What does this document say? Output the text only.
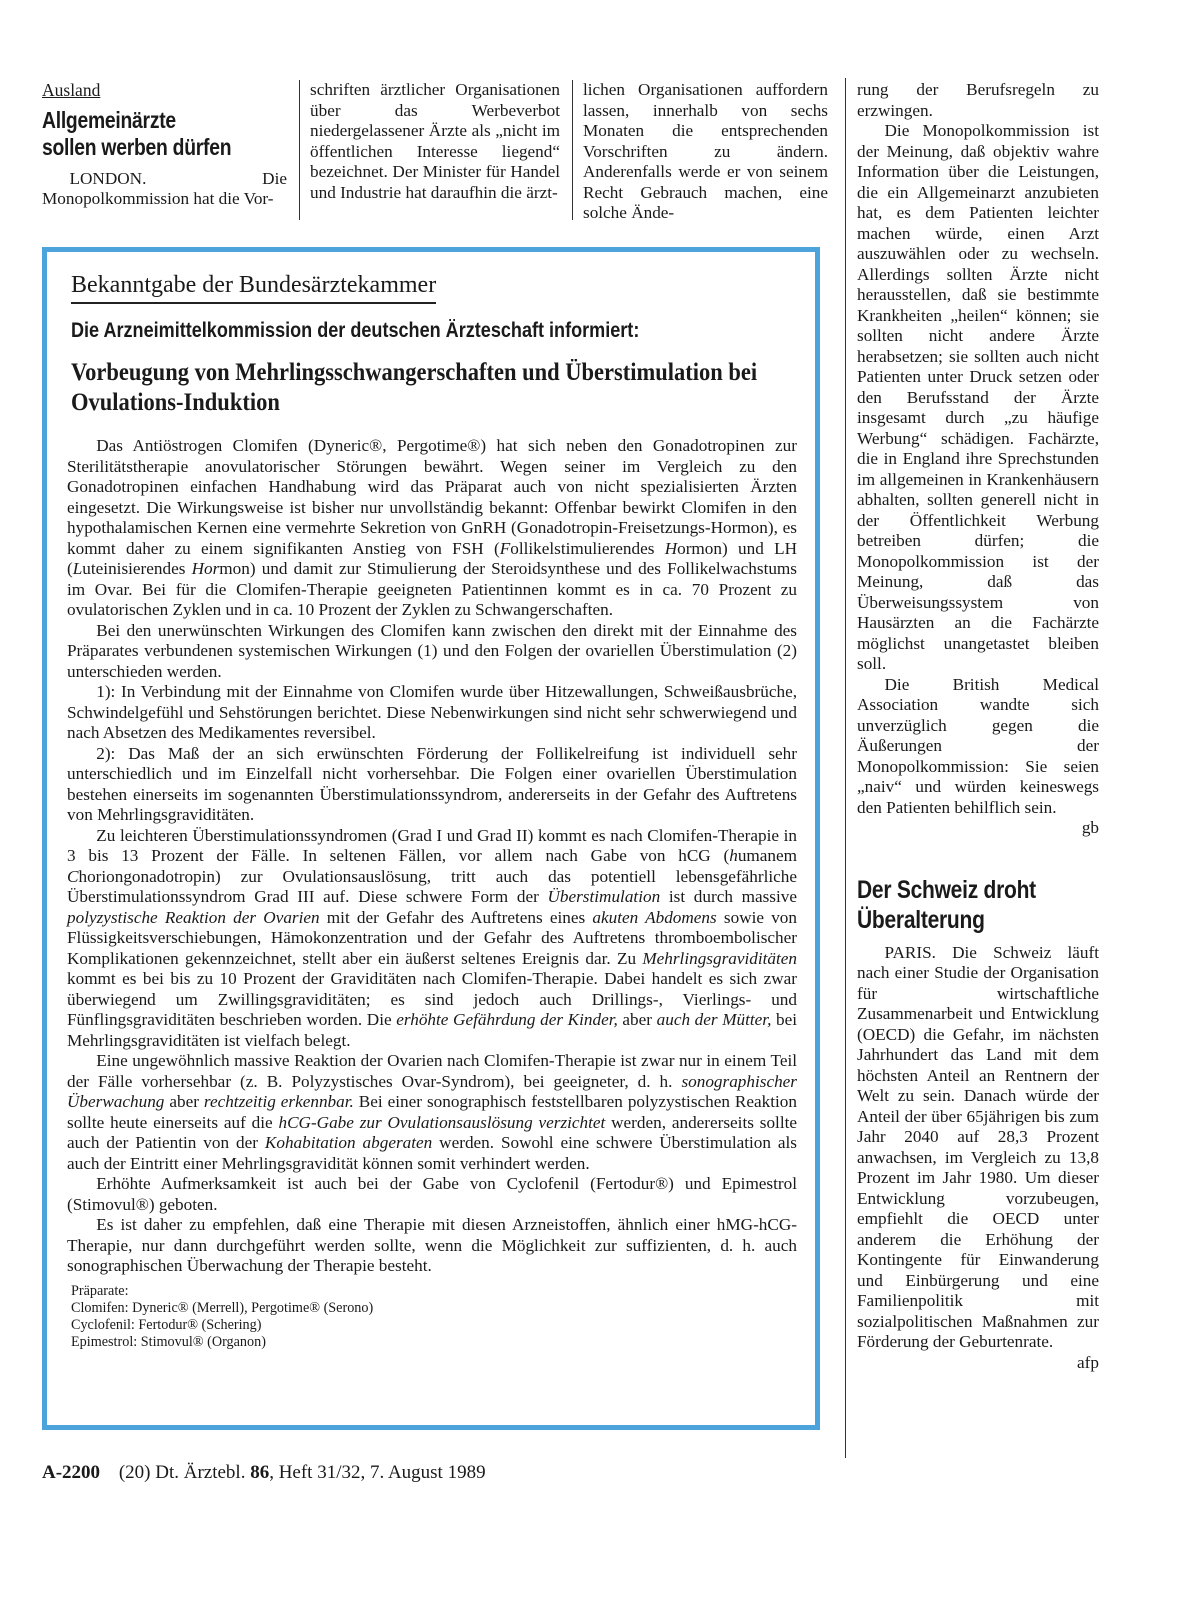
Ausland
Allgemeinärzte
sollen werben dürfen

LONDON. Die Monopolkommission hat die Vor-

schriften ärztlicher Organisationen über das Werbeverbot niedergelassener Ärzte als „nicht im öffentlichen Interesse liegend“ bezeichnet. Der Minister für Handel und Industrie hat daraufhin die ärzt-

lichen Organisationen auffordern lassen, innerhalb von sechs Monaten die entsprechenden Vorschriften zu ändern. Anderenfalls werde er von seinem Recht Gebrauch machen, eine solche Ände-

Bekanntgabe der Bundesärztekammer
Die Arzneimittelkommission der deutschen Ärzteschaft informiert:
Vorbeugung von Mehrlingsschwangerschaften und Überstimulation bei Ovulations-Induktion

Das Antiöstrogen Clomifen (Dyneric®, Pergotime®) hat sich neben den Gonadotropinen zur Sterilitätstherapie anovulatorischer Störungen bewährt. Wegen seiner im Vergleich zu den Gonadotropinen einfachen Handhabung wird das Präparat auch von nicht spezialisierten Ärzten eingesetzt. Die Wirkungsweise ist bisher nur unvollständig bekannt: Offenbar bewirkt Clomifen in den hypothalamischen Kernen eine vermehrte Sekretion von GnRH (Gonadotropin-Freisetzungs-Hormon), es kommt daher zu einem signifikanten Anstieg von FSH (Follikelstimulierendes Hormon) und LH (Luteinisierendes Hormon) und damit zur Stimulierung der Steroidsynthese und des Follikelwachstums im Ovar. Bei für die Clomifen-Therapie geeigneten Patientinnen kommt es in ca. 70 Prozent zu ovulatorischen Zyklen und in ca. 10 Prozent der Zyklen zu Schwangerschaften.

Bei den unerwünschten Wirkungen des Clomifen kann zwischen den direkt mit der Einnahme des Präparates verbundenen systemischen Wirkungen (1) und den Folgen der ovariellen Überstimulation (2) unterschieden werden.

1): In Verbindung mit der Einnahme von Clomifen wurde über Hitzewallungen, Schweißausbrüche, Schwindelgefühl und Sehstörungen berichtet. Diese Nebenwirkungen sind nicht sehr schwerwiegend und nach Absetzen des Medikamentes reversibel.

2): Das Maß der an sich erwünschten Förderung der Follikelreifung ist individuell sehr unterschiedlich und im Einzelfall nicht vorhersehbar. Die Folgen einer ovariellen Überstimulation bestehen einerseits im sogenannten Überstimulationssyndrom, andererseits in der Gefahr des Auftretens von Mehrlingsgraviditäten.

Zu leichteren Überstimulationssyndromen (Grad I und Grad II) kommt es nach Clomifen-Therapie in 3 bis 13 Prozent der Fälle. In seltenen Fällen, vor allem nach Gabe von hCG (humanem Choriongonadotropin) zur Ovulationsauslösung, tritt auch das potentiell lebensgefährliche Überstimulationssyndrom Grad III auf. Diese schwere Form der Überstimulation ist durch massive polyzystische Reaktion der Ovarien mit der Gefahr des Auftretens eines akuten Abdomens sowie von Flüssigkeitsverschiebungen, Hämokonzentration und der Gefahr des Auftretens thromboembolischer Komplikationen gekennzeichnet, stellt aber ein äußerst seltenes Ereignis dar. Zu Mehrlingsgraviditäten kommt es bei bis zu 10 Prozent der Graviditäten nach Clomifen-Therapie. Dabei handelt es sich zwar überwiegend um Zwillingsgraviditäten; es sind jedoch auch Drillings-, Vierlings- und Fünflingsgraviditäten beschrieben worden. Die erhöhte Gefährdung der Kinder, aber auch der Mütter, bei Mehrlingsgraviditäten ist vielfach belegt.

Eine ungewöhnlich massive Reaktion der Ovarien nach Clomifen-Therapie ist zwar nur in einem Teil der Fälle vorhersehbar (z. B. Polyzystisches Ovar-Syndrom), bei geeigneter, d. h. sonographischer Überwachung aber rechtzeitig erkennbar. Bei einer sonographisch feststellbaren polyzystischen Reaktion sollte heute einerseits auf die hCG-Gabe zur Ovulationsauslösung verzichtet werden, andererseits sollte auch der Patientin von der Kohabitation abgeraten werden. Sowohl eine schwere Überstimulation als auch der Eintritt einer Mehrlingsgravidität können somit verhindert werden.

Erhöhte Aufmerksamkeit ist auch bei der Gabe von Cyclofenil (Fertodur®) und Epimestrol (Stimovul®) geboten.

Es ist daher zu empfehlen, daß eine Therapie mit diesen Arzneistoffen, ähnlich einer hMG-hCG-Therapie, nur dann durchgeführt werden sollte, wenn die Möglichkeit zur suffizienten, d. h. auch sonographischen Überwachung der Therapie besteht.

Präparate:
Clomifen: Dyneric® (Merrell), Pergotime® (Serono)
Cyclofenil: Fertodur® (Schering)
Epimestrol: Stimovul® (Organon)

rung der Berufsregeln zu erzwingen.

Die Monopolkommission ist der Meinung, daß objektiv wahre Information über die Leistungen, die ein Allgemeinarzt anzubieten hat, es dem Patienten leichter machen würde, einen Arzt auszuwählen oder zu wechseln. Allerdings sollten Ärzte nicht herausstellen, daß sie bestimmte Krankheiten „heilen“ können; sie sollten nicht andere Ärzte herabsetzen; sie sollten auch nicht Patienten unter Druck setzen oder den Berufsstand der Ärzte insgesamt durch „zu häufige Werbung“ schädigen. Fachärzte, die in England ihre Sprechstunden im allgemeinen in Krankenhäusern abhalten, sollten generell nicht in der Öffentlichkeit Werbung betreiben dürfen; die Monopolkommission ist der Meinung, daß das Überweisungssystem von Hausärzten an die Fachärzte möglichst unangetastet bleiben soll.

Die British Medical Association wandte sich unverzüglich gegen die Äußerungen der Monopolkommission: Sie seien „naiv“ und würden keineswegs den Patienten behilflich sein.

gb
Der Schweiz droht
Überalterung

PARIS. Die Schweiz läuft nach einer Studie der Organisation für wirtschaftliche Zusammenarbeit und Entwicklung (OECD) die Gefahr, im nächsten Jahrhundert das Land mit dem höchsten Anteil an Rentnern der Welt zu sein. Danach würde der Anteil der über 65jährigen bis zum Jahr 2040 auf 28,3 Prozent anwachsen, im Vergleich zu 13,8 Prozent im Jahr 1980. Um dieser Entwicklung vorzubeugen, empfiehlt die OECD unter anderem die Erhöhung der Kontingente für Einwanderung und Einbürgerung und eine Familienpolitik mit sozialpolitischen Maßnahmen zur Förderung der Geburtenrate.

afp
A-2200 (20) Dt. Ärztebl. 86, Heft 31/32, 7. August 1989
